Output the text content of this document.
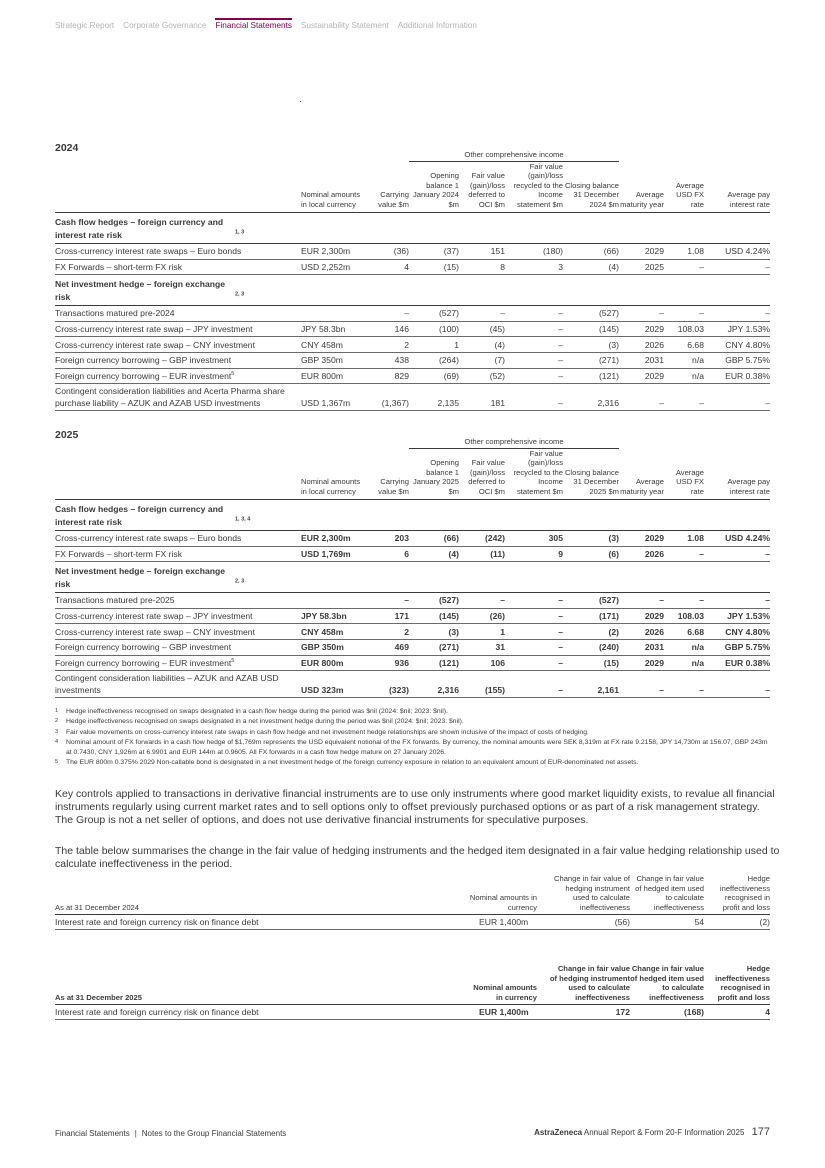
Strategic Report Corporate Governance Financial Statements Sustainability Statement Additional Information
2024
			Other comprehensive income						
	Nominal amounts in local currency	Carrying value $m	Opening balance 1 January 2024 $m	Fair value (gain)/loss deferred to OCI $m	Fair value (gain)/loss recycled to the Income statement $m	Closing balance 31 December 2024 $m	Average maturity year	Average USD FX rate	Average pay interest rate
Cash flow hedges – foreign currency and interest rate risk $^{1, 3}$
Cross-currency interest rate swaps – Euro bonds	EUR 2,300m	(36)	(37)	151	(180)	(66)	2029	1.08	USD 4.24%
FX Forwards – short-term FX risk	USD 2,252m	4	(15)	8	3	(4)	2025	–	–
Net investment hedge – foreign exchange risk $^{2, 3}$
Transactions matured pre-2024		–	(527)	–	–	(527)	–	–	–
Cross-currency interest rate swap – JPY investment	JPY 58.3bn	146	(100)	(45)	–	(145)	2029	108.03	JPY 1.53%
Cross-currency interest rate swap – CNY investment	CNY 458m	2	1	(4)	–	(3)	2026	6.68	CNY 4.80%
Foreign currency borrowing – GBP investment	GBP 350m	438	(264)	(7)	–	(271)	2031	n/a	GBP 5.75%
Foreign currency borrowing – EUR investment$^5$	EUR 800m	829	(69)	(52)	–	(121)	2029	n/a	EUR 0.38%
Contingent consideration liabilities and Acerta Pharma share purchase liability – AZUK and AZAB USD investments	USD 1,367m	(1,367)	2,135	181	–	2,316	–	–	–
2025
			Other comprehensive income						
	Nominal amounts in local currency	Carrying value $m	Opening balance 1 January 2025 $m	Fair value (gain)/loss deferred to OCI $m	Fair value (gain)/loss recycled to the Income statement $m	Closing balance 31 December 2025 $m	Average maturity year	Average USD FX rate	Average pay interest rate
Cash flow hedges – foreign currency and interest rate risk $^{1, 3, 4}$
Cross-currency interest rate swaps – Euro bonds	EUR 2,300m	203	(66)	(242)	305	(3)	2029	1.08	USD 4.24%
FX Forwards – short-term FX risk	USD 1,769m	6	(4)	(11)	9	(6)	2026	–	–
Net investment hedge – foreign exchange risk $^{2, 3}$
Transactions matured pre-2025		–	(527)	–	–	(527)	–	–	–
Cross-currency interest rate swap – JPY investment	JPY 58.3bn	171	(145)	(26)	–	(171)	2029	108.03	JPY 1.53%
Cross-currency interest rate swap – CNY investment	CNY 458m	2	(3)	1	–	(2)	2026	6.68	CNY 4.80%
Foreign currency borrowing – GBP investment	GBP 350m	469	(271)	31	–	(240)	2031	n/a	GBP 5.75%
Foreign currency borrowing – EUR investment$^5$	EUR 800m	936	(121)	106	–	(15)	2029	n/a	EUR 0.38%
Contingent consideration liabilities – AZUK and AZAB USD investments	USD 323m	(323)	2,316	(155)	–	2,161	–	–	–
1 Hedge ineffectiveness recognised on swaps designated in a cash flow hedge during the period was $nil (2024: $nil; 2023: $nil).
2 Hedge ineffectiveness recognised on swaps designated in a net investment hedge during the period was $nil (2024: $nil; 2023: $nil).
3 Fair value movements on cross-currency interest rate swaps in cash flow hedge and net investment hedge relationships are shown inclusive of the impact of costs of hedging.
4 Nominal amount of FX forwards in a cash flow hedge of $1,769m represents the USD equivalent notional of the FX forwards. By currency, the nominal amounts were SEK 8,319m at FX rate 9.2158, JPY 14,730m at 156.07, GBP 243m at 0.7430, CNY 1,926m at 6.9901 and EUR 144m at 0.9605. All FX forwards in a cash flow hedge mature on 27 January 2026.
5 The EUR 800m 0.375% 2029 Non-callable bond is designated in a net investment hedge of the foreign currency exposure in relation to an equivalent amount of EUR-denominated net assets.

Key controls applied to transactions in derivative financial instruments are to use only instruments where good market liquidity exists, to revalue all financial instruments regularly using current market rates and to sell options only to offset previously purchased options or as part of a risk management strategy. The Group is not a net seller of options, and does not use derivative financial instruments for speculative purposes.

The table below summarises the change in the fair value of hedging instruments and the hedged item designated in a fair value hedging relationship used to calculate ineffectiveness in the period.

As at 31 December 2024	Nominal amounts in currency	Change in fair value of hedging instrument used to calculate ineffectiveness	Change in fair value of hedged item used to calculate ineffectiveness	Hedge ineffectiveness recognised in profit and loss
Interest rate and foreign currency risk on finance debt	EUR 1,400m	(56)	54	(2)
As at 31 December 2025	Nominal amounts in currency	Change in fair value of hedging instrument used to calculate ineffectiveness	Change in fair value of hedged item used to calculate ineffectiveness	Hedge ineffectiveness recognised in profit and loss
Interest rate and foreign currency risk on finance debt	EUR 1,400m	172	(168)	4
Financial Statements | Notes to the Group Financial Statements	AstraZeneca Annual Report & Form 20-F Information 2025 177
